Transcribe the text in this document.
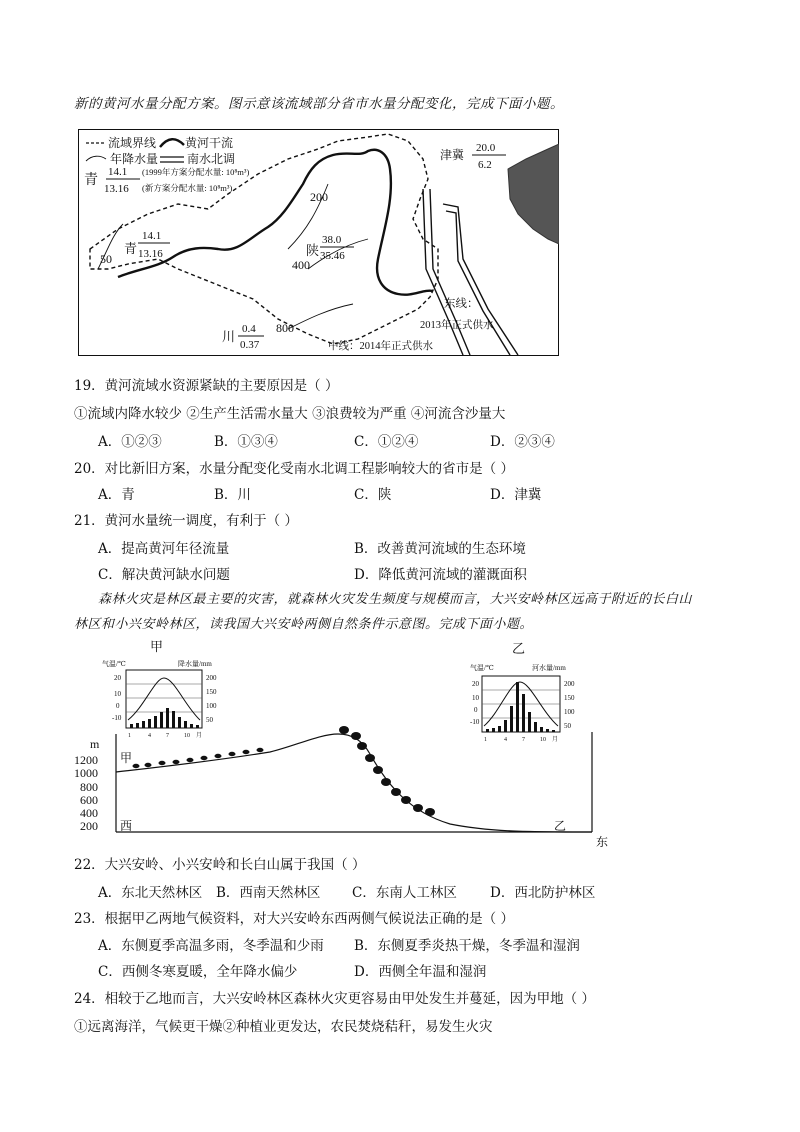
新的黄河水量分配方案。图示意该流域部分省市水量分配变化，完成下面小题。
流域界线 黄河干流
年降水量 南水北调
青
14.1
13.16
(1999年方案分配水量: 10⁸m³)
(新方案分配水量: 10⁸m³)
津冀 20.0
6.2
青
14.1
13.16	陕
38.0
35.46
川 0.4
0.37
200
400
800
50
东线：
2013年正式供水
中线：2014年正式供水
19．黄河流域水资源紧缺的主要原因是（ ）
①流域内降水较少 ②生产生活需水量大 ③浪费较为严重 ④河流含沙量大
A．①②③	B．①③④	C．①②④	D．②③④
20．对比新旧方案，水量分配变化受南水北调工程影响较大的省市是（ ）
A．青	B．川	C．陕	D．津冀
21．黄河水量统一调度，有利于（ ）
A．提高黄河年径流量	B．改善黄河流域的生态环境
C．解决黄河缺水问题	D．降低黄河流域的灌溉面积
森林火灾是林区最主要的灾害，就森林火灾发生频度与规模而言，大兴安岭林区远高于附近的长白山
林区和小兴安岭林区，读我国大兴安岭两侧自然条件示意图。完成下面小题。
甲
气温/℃	降水量/mm
20
10
0
-10
200
150
100
50
1	4	7	10 月
乙
气温/℃	河水量/mm
20
10
0
-10
200
150
100
50
1	4	7	10 月
m
1200
1000
800
600
400
200
甲
西	乙
东
22．大兴安岭、小兴安岭和长白山属于我国（ ）
A．东北天然林区 B．西南天然林区 C．东南人工林区 D．西北防护林区
23．根据甲乙两地气候资料，对大兴安岭东西两侧气候说法正确的是（ ）
A．东侧夏季高温多雨，冬季温和少雨 B．东侧夏季炎热干燥，冬季温和湿润
C．西侧冬寒夏暖，全年降水偏少	D．西侧全年温和湿润
24．相较于乙地而言，大兴安岭林区森林火灾更容易由甲处发生并蔓延，因为甲地（ ）
①远离海洋，气候更干燥②种植业更发达，农民焚烧秸秆，易发生火灾
